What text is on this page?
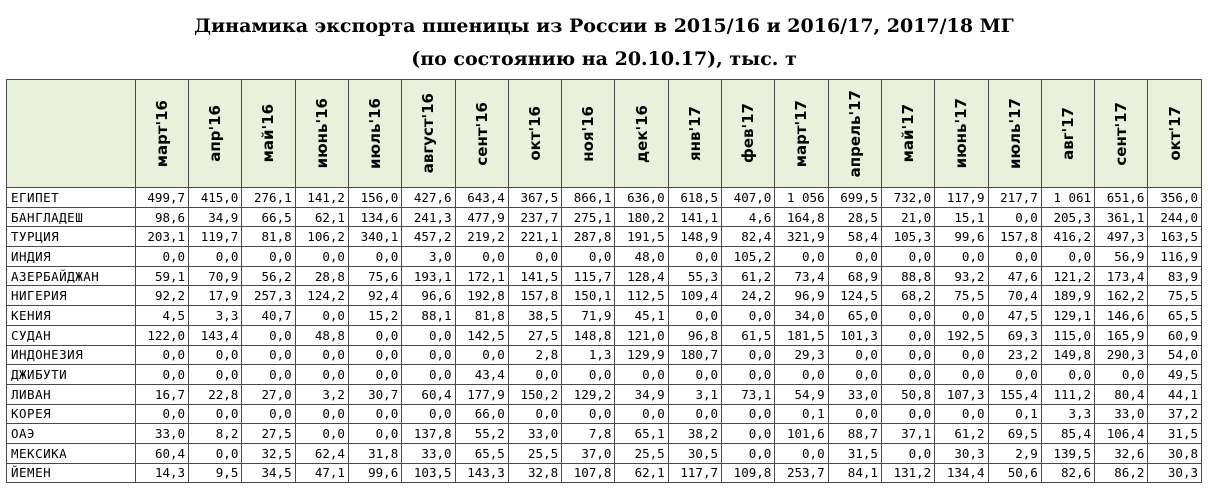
Динамика экспорта пшеницы из России в 2015/16 и 2016/17, 2017/18 МГ
(по состоянию на 20.10.17), тыс. т

	март'16	апр'16	май'16	июнь'16	июль'16	август'16	сент'16	окт'16	ноя'16	дек'16	янв'17	фев'17	март'17	апрель'17	май'17	июнь'17	июль'17	авг'17	сент'17	окт'17

ЕГИПЕТ	499,7	415,0	276,1	141,2	156,0	427,6	643,4	367,5	866,1	636,0	618,5	407,0	1 056	699,5	732,0	117,9	217,7	1 061	651,6	356,0
БАНГЛАДЕШ	98,6	34,9	66,5	62,1	134,6	241,3	477,9	237,7	275,1	180,2	141,1	4,6	164,8	28,5	21,0	15,1	0,0	205,3	361,1	244,0
ТУРЦИЯ	203,1	119,7	81,8	106,2	340,1	457,2	219,2	221,1	287,8	191,5	148,9	82,4	321,9	58,4	105,3	99,6	157,8	416,2	497,3	163,5
ИНДИЯ	0,0	0,0	0,0	0,0	0,0	3,0	0,0	0,0	0,0	48,0	0,0	105,2	0,0	0,0	0,0	0,0	0,0	0,0	56,9	116,9
АЗЕРБАЙДЖАН	59,1	70,9	56,2	28,8	75,6	193,1	172,1	141,5	115,7	128,4	55,3	61,2	73,4	68,9	88,8	93,2	47,6	121,2	173,4	83,9
НИГЕРИЯ	92,2	17,9	257,3	124,2	92,4	96,6	192,8	157,8	150,1	112,5	109,4	24,2	96,9	124,5	68,2	75,5	70,4	189,9	162,2	75,5
КЕНИЯ	4,5	3,3	40,7	0,0	15,2	88,1	81,8	38,5	71,9	45,1	0,0	0,0	34,0	65,0	0,0	0,0	47,5	129,1	146,6	65,5
СУДАН	122,0	143,4	0,0	48,8	0,0	0,0	142,5	27,5	148,8	121,0	96,8	61,5	181,5	101,3	0,0	192,5	69,3	115,0	165,9	60,9
ИНДОНЕЗИЯ	0,0	0,0	0,0	0,0	0,0	0,0	0,0	2,8	1,3	129,9	180,7	0,0	29,3	0,0	0,0	0,0	23,2	149,8	290,3	54,0
ДЖИБУТИ	0,0	0,0	0,0	0,0	0,0	0,0	43,4	0,0	0,0	0,0	0,0	0,0	0,0	0,0	0,0	0,0	0,0	0,0	0,0	49,5
ЛИВАН	16,7	22,8	27,0	3,2	30,7	60,4	177,9	150,2	129,2	34,9	3,1	73,1	54,9	33,0	50,8	107,3	155,4	111,2	80,4	44,1
КОРЕЯ	0,0	0,0	0,0	0,0	0,0	0,0	66,0	0,0	0,0	0,0	0,0	0,0	0,1	0,0	0,0	0,0	0,1	3,3	33,0	37,2
ОАЭ	33,0	8,2	27,5	0,0	0,0	137,8	55,2	33,0	7,8	65,1	38,2	0,0	101,6	88,7	37,1	61,2	69,5	85,4	106,4	31,5
МЕКСИКА	60,4	0,0	32,5	62,4	31,8	33,0	65,5	25,5	37,0	25,5	30,5	0,0	0,0	31,5	0,0	30,3	2,9	139,5	32,6	30,8
ЙЕМЕН	14,3	9,5	34,5	47,1	99,6	103,5	143,3	32,8	107,8	62,1	117,7	109,8	253,7	84,1	131,2	134,4	50,6	82,6	86,2	30,3
